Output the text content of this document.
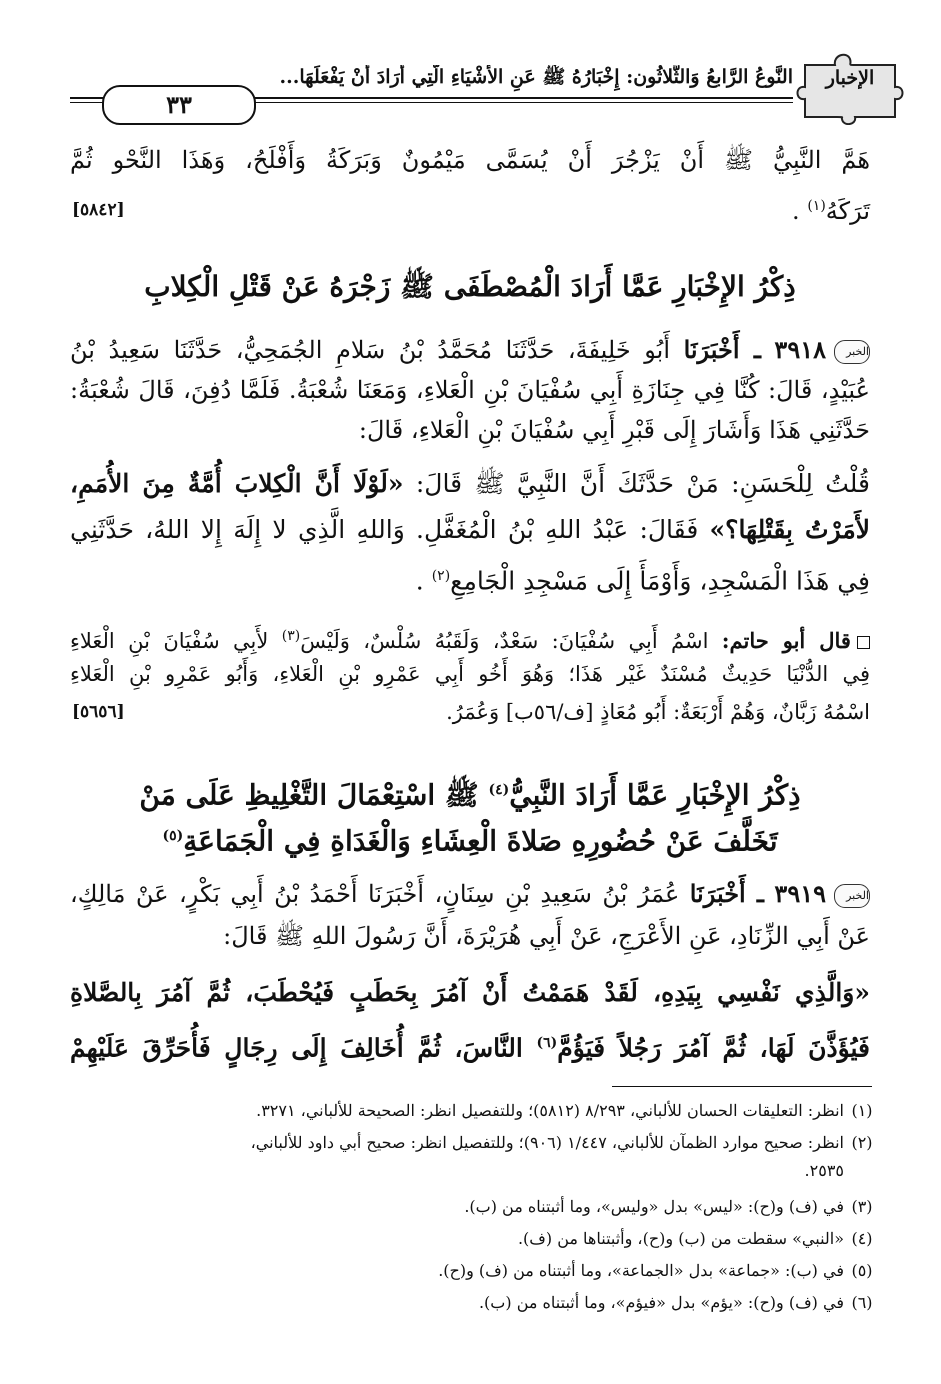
الإخبار
النَّوعُ الرَّابعُ وَالثَّلاثُون: إِخْبَارُهُ ﷺ عَنِ الأَشْيَاءِ الَّتِي أَرَادَ أَنْ يَفْعَلَهَا...
٣٣
هَمَّ النَّبِيُّ ﷺ أَنْ يَزْجُرَ أَنْ يُسَمَّى مَيْمُونٌ وَبَرَكَةُ وَأَفْلَحُ، وَهَذَا النَّحْو ثُمَّ
تَرَكَهُ$^{(١)}$ .
[٥٨٤٢]
ذِكْرُ الإِخْبَارِ عَمَّا أَرَادَ الْمُصْطَفَى ﷺ زَجْرَهُ عَنْ قَتْلِ الْكِلابِ
الخبر٣٩١٨ ـ أَخْبَرَنَا أَبُو خَلِيفَةَ، حَدَّثَنَا مُحَمَّدُ بْنُ سَلامِ الجُمَحِيُّ، حَدَّثَنَا سَعِيدُ بْنُ
عُبَيْدٍ، قَالَ: كُنَّا فِي جِنَازَةِ أَبِي سُفْيَانَ بْنِ الْعَلاءِ، وَمَعَنَا شُعْبَةُ. فَلَمَّا دُفِنَ، قَالَ شُعْبَةُ:
حَدَّثَنِي هَذَا وَأَشَارَ إِلَى قَبْرِ أَبِي سُفْيَانَ بْنِ الْعَلاءِ، قَالَ:
قُلْتُ لِلْحَسَنِ: مَنْ حَدَّثَكَ أَنَّ النَّبِيَّ ﷺ قَالَ: «لَوْلَا أَنَّ الْكِلابَ أُمَّةٌ مِنَ الأُمَمِ،
لأَمَرْتُ بِقَتْلِهَا؟» فَقَالَ: عَبْدُ اللهِ بْنُ الْمُغَفَّلِ. وَاللهِ الَّذِي لا إِلَهَ إِلا اللهُ، حَدَّثَنِي
فِي هَذَا الْمَسْجِدِ، وَأَوْمَأَ إِلَى مَسْجِدِ الْجَامِعِ$^{(٢)}$ .
قال أبو حاتم: اسْمُ أَبِي سُفْيَانَ: سَعْدٌ، وَلَقَبُهُ سُلْسٌ، وَلَيْسَ$^{(٣)}$ لأَبِي سُفْيَانَ بْنِ الْعَلاءِ
فِي الدُّنْيَا حَدِيثٌ مُسْنَدٌ غَيْر هَذَا؛ وَهُوَ أَخُو أَبِي عَمْرِو بْنِ الْعَلاءِ، وَأَبُو عَمْرِو بْنِ الْعَلاءِ
اسْمُهُ زَبَّانٌ، وَهُمْ أَرْبَعَةٌ: أَبُو مُعَاذٍ [ف/٥٦ب] وَعُمَرُ.
[٥٦٥٦]
ذِكْرُ الإِخْبَارِ عَمَّا أَرَادَ النَّبِيُّ$^{(٤)}$ ﷺ اسْتِعْمَالَ التَّغْلِيظِ عَلَى مَنْ
تَخَلَّفَ عَنْ حُضُورِهِ صَلاةَ الْعِشَاءِ وَالْغَدَاةِ فِي الْجَمَاعَةِ$^{(٥)}$
الخبر٣٩١٩ ـ أَخْبَرَنَا عُمَرُ بْنُ سَعِيدِ بْنِ سِنَانٍ، أَخْبَرَنَا أَحْمَدُ بْنُ أَبِي بَكْرٍ، عَنْ مَالِكٍ،
عَنْ أَبِي الزِّنَادِ، عَنِ الأَعْرَجِ، عَنْ أَبِي هُرَيْرَةَ، أَنَّ رَسُولَ اللهِ ﷺ قَالَ:
«وَالَّذِي نَفْسِي بِيَدِهِ، لَقَدْ هَمَمْتُ أَنْ آمُرَ بِحَطَبٍ فَيُحْطَبَ، ثُمَّ آمُرَ بِالصَّلاةِ
فَيُؤَذَّنَ لَهَا، ثُمَّ آمُرَ رَجُلاً فَيَؤُمَّ$^{(٦)}$ النَّاسَ، ثُمَّ أُخَالِفَ إِلَى رِجَالٍ فَأُحَرِّقَ عَلَيْهِمْ
(١)انظر: التعليقات الحسان للألباني، ٨/٢٩٣ (٥٨١٢)؛ وللتفصيل انظر: الصحيحة للألباني، ٣٢٧١.
(٢)انظر: صحيح موارد الظمآن للألباني، ١/٤٤٧ (٩٠٦)؛ وللتفصيل انظر: صحيح أبي داود للألباني،
٢٥٣٥.
(٣)في (ف) و(ح): «ليس» بدل «وليس»، وما أثبتناه من (ب).
(٤)«النبي» سقطت من (ب) و(ح)، وأثبتناها من (ف).
(٥)في (ب): «جماعة» بدل «الجماعة»، وما أثبتناه من (ف) و(ح).
(٦)في (ف) و(ح): «يؤم» بدل «فيؤم»، وما أثبتناه من (ب).
